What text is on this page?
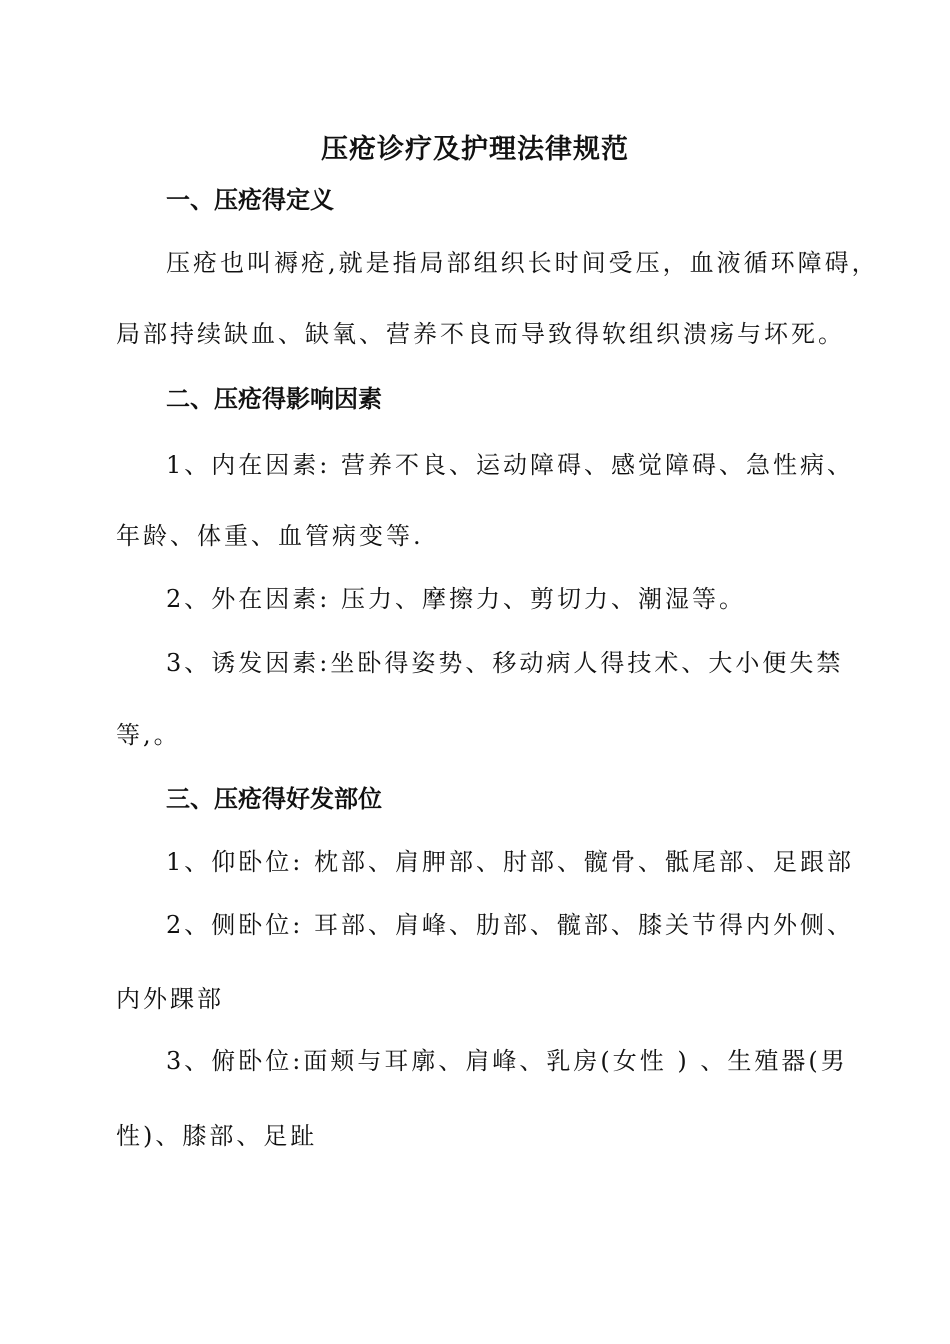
压疮诊疗及护理法律规范
一、压疮得定义
压疮也叫褥疮,就是指局部组织长时间受压，血液循环障碍，
局部持续缺血、缺氧、营养不良而导致得软组织溃疡与坏死。
二、压疮得影响因素
1、内在因素: 营养不良、运动障碍、感觉障碍、急性病、
年龄、体重、血管病变等.
2、外在因素: 压力、摩擦力、剪切力、潮湿等。
3、诱发因素:坐卧得姿势、移动病人得技术、大小便失禁
等,。
三、压疮得好发部位
1、仰卧位: 枕部、肩胛部、肘部、髋骨、骶尾部、足跟部
2、侧卧位: 耳部、肩峰、肋部、髋部、膝关节得内外侧、
内外踝部
3、俯卧位:面颊与耳廓、肩峰、乳房(女性 ) 、生殖器(男
性)、膝部、足趾
